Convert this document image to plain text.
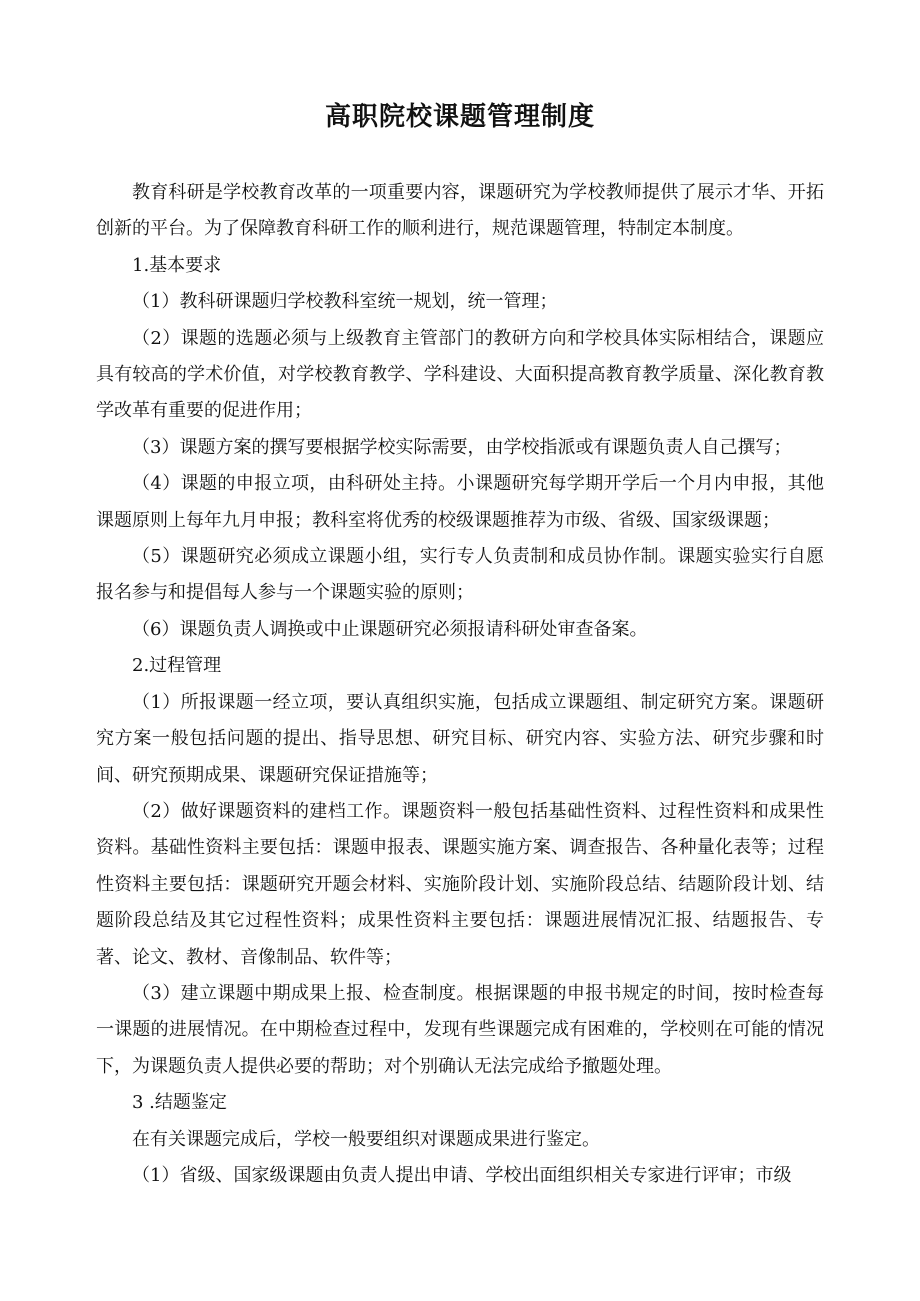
高职院校课题管理制度

教育科研是学校教育改革的一项重要内容，课题研究为学校教师提供了展示才华、开拓创新的平台。为了保障教育科研工作的顺利进行，规范课题管理，特制定本制度。

1.基本要求

（1）教科研课题归学校教科室统一规划，统一管理；

（2）课题的选题必须与上级教育主管部门的教研方向和学校具体实际相结合，课题应具有较高的学术价值，对学校教育教学、学科建设、大面积提高教育教学质量、深化教育教学改革有重要的促进作用；

（3）课题方案的撰写要根据学校实际需要，由学校指派或有课题负责人自己撰写；

（4）课题的申报立项，由科研处主持。小课题研究每学期开学后一个月内申报，其他课题原则上每年九月申报；教科室将优秀的校级课题推荐为市级、省级、国家级课题；

（5）课题研究必须成立课题小组，实行专人负责制和成员协作制。课题实验实行自愿报名参与和提倡每人参与一个课题实验的原则；

（6）课题负责人调换或中止课题研究必须报请科研处审查备案。

2.过程管理

（1）所报课题一经立项，要认真组织实施，包括成立课题组、制定研究方案。课题研究方案一般包括问题的提出、指导思想、研究目标、研究内容、实验方法、研究步骤和时间、研究预期成果、课题研究保证措施等；

（2）做好课题资料的建档工作。课题资料一般包括基础性资料、过程性资料和成果性资料。基础性资料主要包括：课题申报表、课题实施方案、调查报告、各种量化表等；过程性资料主要包括：课题研究开题会材料、实施阶段计划、实施阶段总结、结题阶段计划、结题阶段总结及其它过程性资料；成果性资料主要包括：课题进展情况汇报、结题报告、专著、论文、教材、音像制品、软件等；

（3）建立课题中期成果上报、检查制度。根据课题的申报书规定的时间，按时检查每一课题的进展情况。在中期检查过程中，发现有些课题完成有困难的，学校则在可能的情况下，为课题负责人提供必要的帮助；对个别确认无法完成给予撤题处理。

3 .结题鉴定

在有关课题完成后，学校一般要组织对课题成果进行鉴定。

（1）省级、国家级课题由负责人提出申请、学校出面组织相关专家进行评审；市级
